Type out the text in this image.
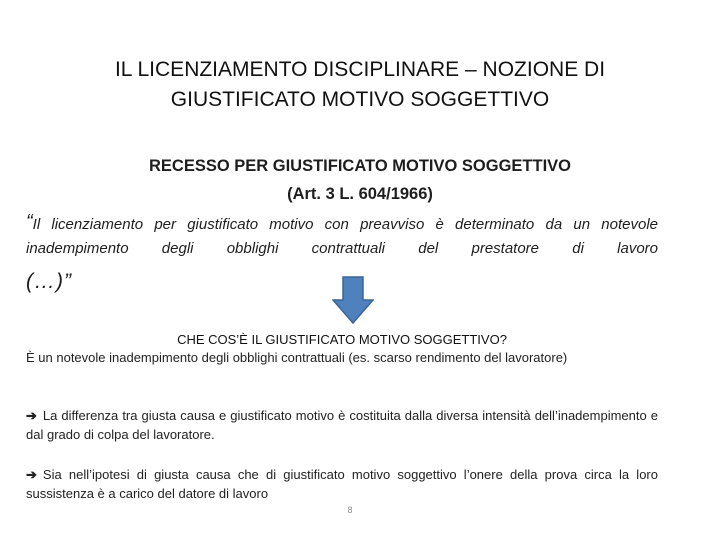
IL LICENZIAMENTO DISCIPLINARE – NOZIONE DI
GIUSTIFICATO MOTIVO SOGGETTIVO
RECESSO PER GIUSTIFICATO MOTIVO SOGGETTIVO
(Art. 3 L. 604/1966)
“Il licenziamento per giustificato motivo con preavviso è determinato da un notevole inadempimento degli obblighi contrattuali del prestatore di lavoro
(…)”
CHE COS’È IL GIUSTIFICATO MOTIVO SOGGETTIVO?
È un notevole inadempimento degli obblighi contrattuali (es. scarso rendimento del lavoratore)
➔ La differenza tra giusta causa e giustificato motivo è costituita dalla diversa intensità dell’inadempimento e dal grado di colpa del lavoratore.
➔ Sia nell’ipotesi di giusta causa che di giustificato motivo soggettivo l’onere della prova circa la loro sussistenza è a carico del datore di lavoro
8
